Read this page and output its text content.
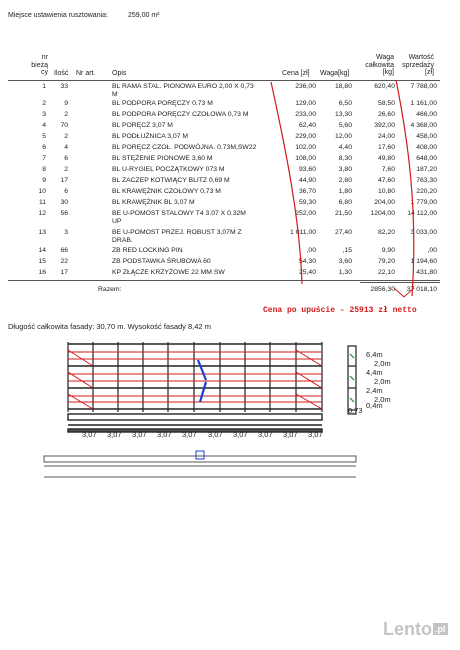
Miejsce ustawienia rusztowania:	259,00 m²
nr bieżą cy Ilość Nr art. Opis	Cena [zł] Waga[kg]
Waga całkowita [kg]
Wartość sprzedaży [zł]
1	33	BL RAMA STAL. PIONOWA EURO 2,00 X 0,73	236,00	18,80	620,40	7 788,00
M
2	9	BL PODPORA PORĘCZY 0,73 M	129,00	6,50	58,50	1 161,00
3	2	BL PODPORA PORĘCZY CZOŁOWA 0,73 M	233,00	13,30	26,60	466,00
4	70	BL PORĘCZ 3,07 M	62,40	5,60	392,00	4 368,00
5	2	BL PODŁUŻNICA 3,07 M	229,00	12,00	24,00	458,00
6	4	BL PORĘCZ CZOŁ. PODWÓJNA. 0.73M,SW22	102,00	4,40	17,60	408,00
7	6	BL STĘŻENIE PIONOWE 3,60 M	108,00	8,30	49,80	648,00
8	2	BL U-RYGIEL POCZĄTKOWY 073 M	93,60	3,80	7,60	187,20
9	17	BL ZACZEP KOTWIĄCY BLITZ 0,69 M	44,90	2,80	47,60	763,30
10	6	BL KRAWĘŻNIK CZOŁOWY 0,73 M	36,70	1,80	10,80	220,20
11	30	BL KRAWĘŻNIK BL 3,07 M	59,30	6,80	204,00	1 779,00
12	56	BE U-POMOST STALOWY T4 3.07 X 0.32M	252,00	21,50	1204,00	14 112,00
UP
13	3	BE U-POMOST PRZEJ. ROBUST 3,07M Z	1 011,00	27,40	82,20	3 033,00
DRAB.
14	66	ZB RED LOCKING PIN	,00	,15	9,90	,00
15	22	ZB PODSTAWKA ŚRUBOWA 60	54,30	3,60	79,20	1 194,60
16	17	KP ZŁĄCZE KRZYŻOWE 22 MM SW	25,40	1,30	22,10	431,80
Razem:	2856,30	37 018,10
Cena po upuście - 25913 zł netto
Długość całkowita fasady: 30,70 m. Wysokość fasady 8,42 m
3,07 3,07 3,07 3,07 3,07 3,07 3,07 3,07 3,07 3,07
6,4m
2,0m
4,4m
2,0m
2,4m
2,0m
0,4m
0,73
Lento .pl
